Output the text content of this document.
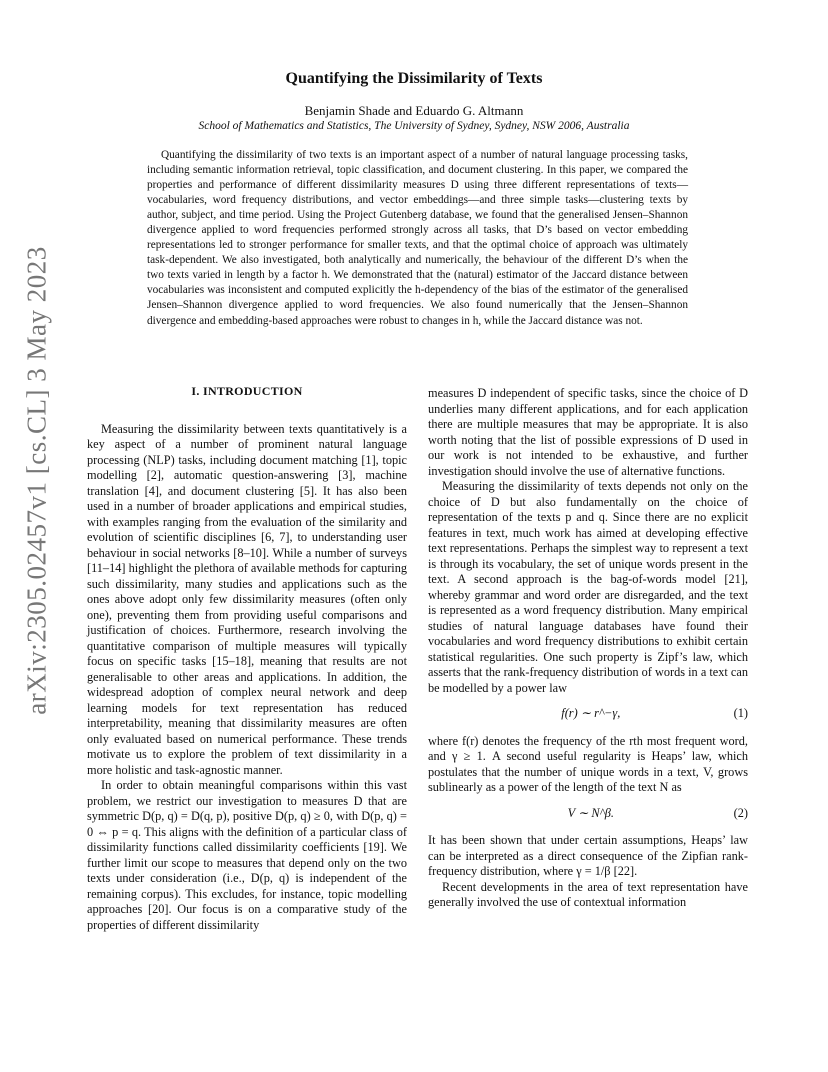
arXiv:2305.02457v1 [cs.CL] 3 May 2023
Quantifying the Dissimilarity of Texts
Benjamin Shade and Eduardo G. Altmann
School of Mathematics and Statistics, The University of Sydney, Sydney, NSW 2006, Australia

Quantifying the dissimilarity of two texts is an important aspect of a number of natural language processing tasks, including semantic information retrieval, topic classification, and document clustering. In this paper, we compared the properties and performance of different dissimilarity measures D using three different representations of texts—vocabularies, word frequency distributions, and vector embeddings—and three simple tasks—clustering texts by author, subject, and time period. Using the Project Gutenberg database, we found that the generalised Jensen–Shannon divergence applied to word frequencies performed strongly across all tasks, that D’s based on vector embedding representations led to stronger performance for smaller texts, and that the optimal choice of approach was ultimately task-dependent. We also investigated, both analytically and numerically, the behaviour of the different D’s when the two texts varied in length by a factor h. We demonstrated that the (natural) estimator of the Jaccard distance between vocabularies was inconsistent and computed explicitly the h-dependency of the bias of the estimator of the generalised Jensen–Shannon divergence applied to word frequencies. We also found numerically that the Jensen–Shannon divergence and embedding-based approaches were robust to changes in h, while the Jaccard distance was not.

I. INTRODUCTION

Measuring the dissimilarity between texts quantitatively is a key aspect of a number of prominent natural language processing (NLP) tasks, including document matching [1], topic modelling [2], automatic question-answering [3], machine translation [4], and document clustering [5]. It has also been used in a number of broader applications and empirical studies, with examples ranging from the evaluation of the similarity and evolution of scientific disciplines [6, 7], to understanding user behaviour in social networks [8–10]. While a number of surveys [11–14] highlight the plethora of available methods for capturing such dissimilarity, many studies and applications such as the ones above adopt only few dissimilarity measures (often only one), preventing them from providing useful comparisons and justification of choices. Furthermore, research involving the quantitative comparison of multiple measures will typically focus on specific tasks [15–18], meaning that results are not generalisable to other areas and applications. In addition, the widespread adoption of complex neural network and deep learning models for text representation has reduced interpretability, meaning that dissimilarity measures are often only evaluated based on numerical performance. These trends motivate us to explore the problem of text dissimilarity in a more holistic and task-agnostic manner.

In order to obtain meaningful comparisons within this vast problem, we restrict our investigation to measures D that are symmetric D(p, q) = D(q, p), positive D(p, q) ≥ 0, with D(p, q) = 0 ⇔ p = q. This aligns with the definition of a particular class of dissimilarity functions called dissimilarity coefficients [19]. We further limit our scope to measures that depend only on the two texts under consideration (i.e., D(p, q) is independent of the remaining corpus). This excludes, for instance, topic modelling approaches [20]. Our focus is on a comparative study of the properties of different dissimilarity

measures D independent of specific tasks, since the choice of D underlies many different applications, and for each application there are multiple measures that may be appropriate. It is also worth noting that the list of possible expressions of D used in our work is not intended to be exhaustive, and further investigation should involve the use of alternative functions.

Measuring the dissimilarity of texts depends not only on the choice of D but also fundamentally on the choice of representation of the texts p and q. Since there are no explicit features in text, much work has aimed at developing effective text representations. Perhaps the simplest way to represent a text is through its vocabulary, the set of unique words present in the text. A second approach is the bag-of-words model [21], whereby grammar and word order are disregarded, and the text is represented as a word frequency distribution. Many empirical studies of natural language databases have found their vocabularies and word frequency distributions to exhibit certain statistical regularities. One such property is Zipf’s law, which asserts that the rank-frequency distribution of words in a text can be modelled by a power law

f(r) ∼ r^−γ,	(1)

where f(r) denotes the frequency of the rth most frequent word, and γ ≥ 1. A second useful regularity is Heaps’ law, which postulates that the number of unique words in a text, V, grows sublinearly as a power of the length of the text N as

V ∼ N^β.	(2)

It has been shown that under certain assumptions, Heaps’ law can be interpreted as a direct consequence of the Zipfian rank-frequency distribution, where γ = 1/β [22].

Recent developments in the area of text representation have generally involved the use of contextual information
